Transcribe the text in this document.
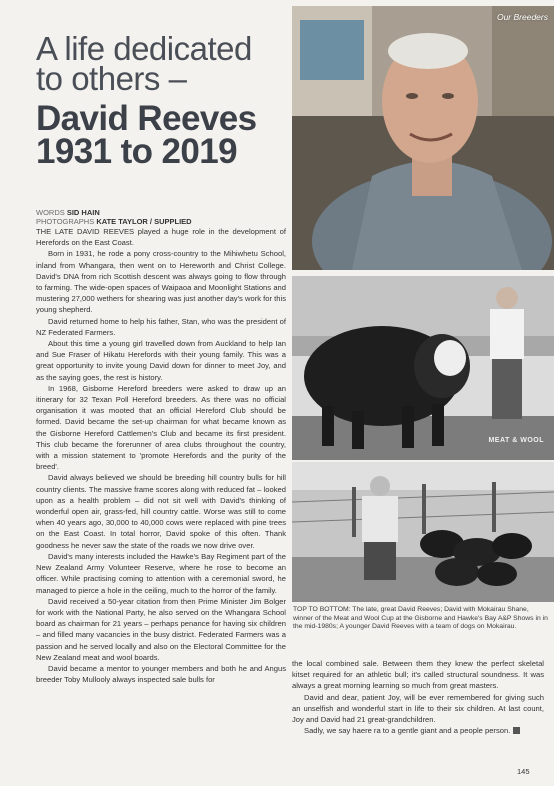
A life dedicated
to others –
David Reeves
1931 to 2019
WORDS SID HAIN
PHOTOGRAPHS KATE TAYLOR / SUPPLIED

THE LATE DAVID REEVES played a huge role in the development of Herefords on the East Coast.

Born in 1931, he rode a pony cross-country to the Mihiwhetu School, inland from Whangara, then went on to Hereworth and Christ College. David's DNA from rich Scottish descent was always going to flow through to farming. The wide-open spaces of Waipaoa and Moonlight Stations and mustering 27,000 wethers for shearing was just another day's work for this young shepherd.

David returned home to help his father, Stan, who was the president of NZ Federated Farmers.

About this time a young girl travelled down from Auckland to help Ian and Sue Fraser of Hikatu Herefords with their young family. This was a great opportunity to invite young David down for dinner to meet Joy, and as the saying goes, the rest is history.

In 1968, Gisborne Hereford breeders were asked to draw up an itinerary for 32 Texan Poll Hereford breeders. As there was no official organisation it was mooted that an official Hereford Club should be formed. David became the set-up chairman for what became known as the Gisborne Hereford Cattlemen's Club and became its first president. This club became the forerunner of area clubs throughout the country, with a mission statement to 'promote Herefords and the purity of the breed'.

David always believed we should be breeding hill country bulls for hill country clients. The massive frame scores along with reduced fat – looked upon as a health problem – did not sit well with David's thinking of wonderful open air, grass-fed, hill country cattle. Worse was still to come when 40 years ago, 30,000 to 40,000 cows were replaced with pine trees on the East Coast. In total horror, David spoke of this often. Thank goodness he never saw the state of the roads we now drive over.

David's many interests included the Hawke's Bay Regiment part of the New Zealand Army Volunteer Reserve, where he rose to become an officer. While practising coming to attention with a ceremonial sword, he managed to pierce a hole in the ceiling, much to the horror of the family.

David received a 50-year citation from then Prime Minister Jim Bolger for work with the National Party, he also served on the Whangara School board as chairman for 21 years – perhaps penance for having six children – and filled many vacancies in the busy district. Federated Farmers was a passion and he served locally and also on the Electoral Committee for the New Zealand meat and wool boards.

David became a mentor to younger members and both he and Angus breeder Toby Mullooly always inspected sale bulls for

Our Breeders
MEAT & WOOL
TOP TO BOTTOM: The late, great David Reeves; David with Mokairau Shane, winner of the Meat and Wool Cup at the Gisborne and Hawke's Bay A&P Shows in in the mid-1980s; A younger David Reeves with a team of dogs on Mokairau.

the local combined sale. Between them they knew the perfect skeletal kitset required for an athletic bull; it's called structural soundness. It was always a great morning learning so much from great masters.

David and dear, patient Joy, will be ever remembered for giving such an unselfish and wonderful start in life to their six children. At last count, Joy and David had 21 great-grandchildren.

Sadly, we say haere ra to a gentle giant and a people person.

145
